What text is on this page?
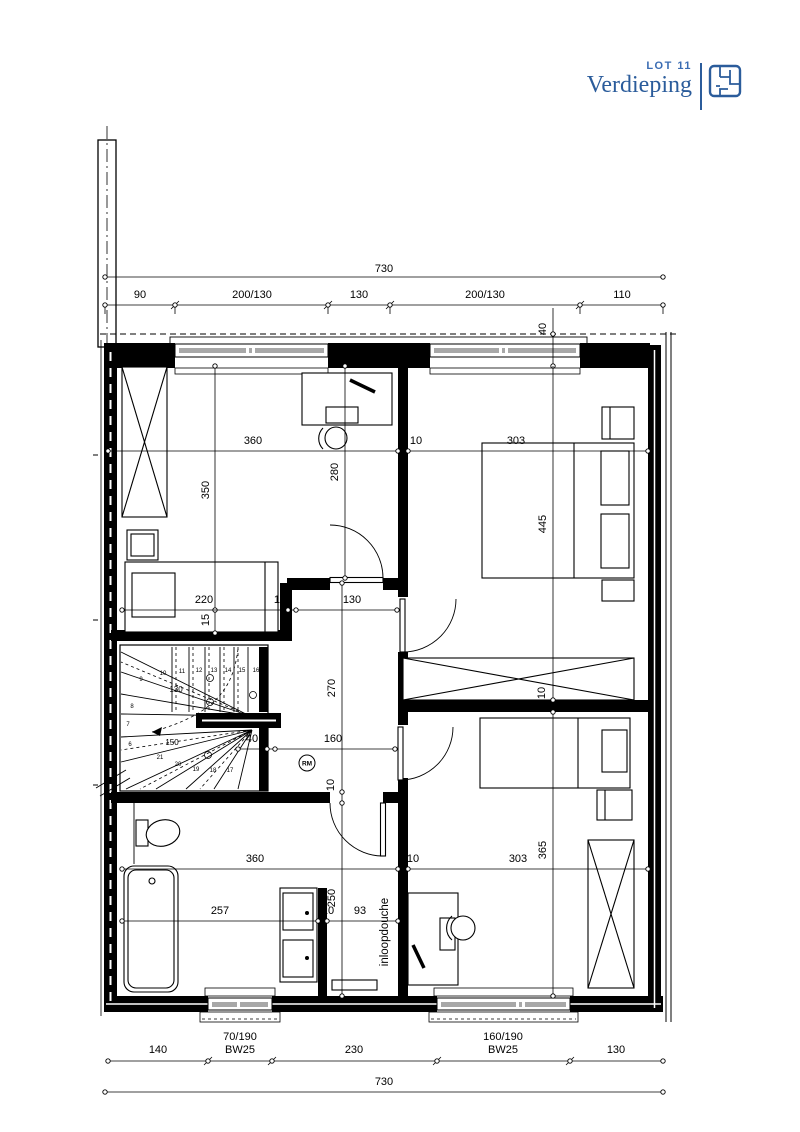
LOT 11
Verdieping
6
7
8
9
10 11 12 13 14 15 16
17
18
19
20
21
130
150
730
90	200/130	130	200/130	110
40
360	10	303
350
280
445
220	10	130
15
270
40	160
10
10
360	10	303 365
257
250
10 93 inloopdouche
140
70/190
BW25	230
160/190
BW25	130
730
RM
